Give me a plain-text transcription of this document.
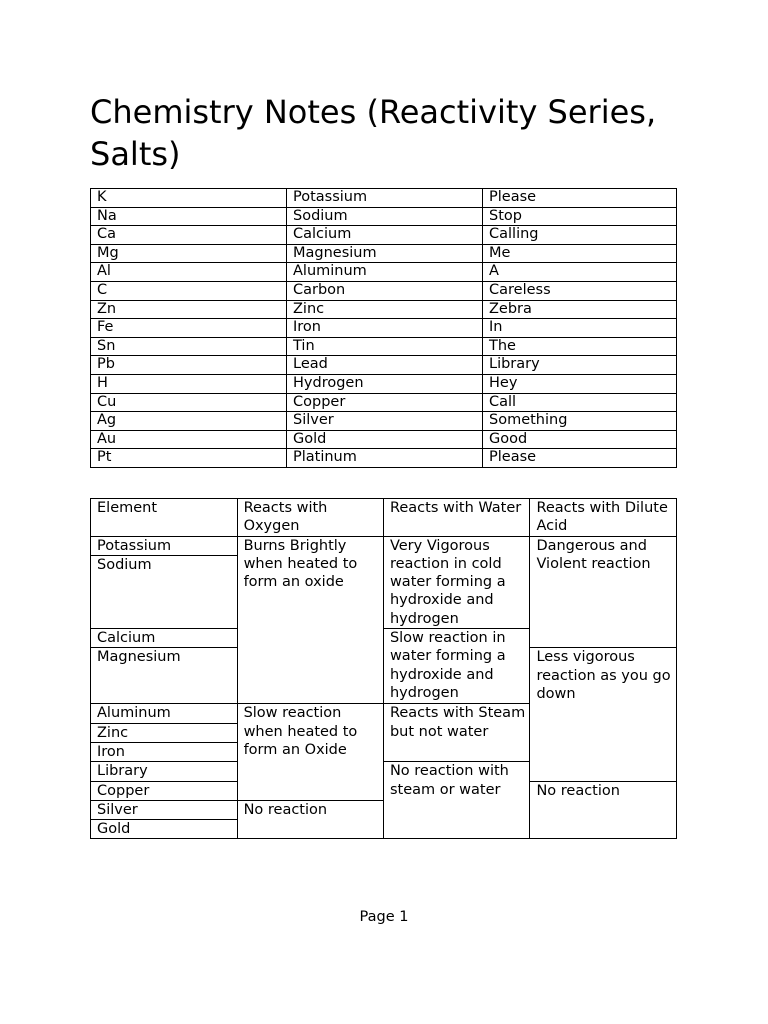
Chemistry Notes (Reactivity Series, Salts)
K	Potassium	Please
Na	Sodium	Stop
Ca	Calcium	Calling
Mg	Magnesium	Me
Al	Aluminum	A
C	Carbon	Careless
Zn	Zinc	Zebra
Fe	Iron	In
Sn	Tin	The
Pb	Lead	Library
H	Hydrogen	Hey
Cu	Copper	Call
Ag	Silver	Something
Au	Gold	Good
Pt	Platinum	Please
Element	Reacts with Oxygen	Reacts with Water	Reacts with Dilute Acid
Potassium	Burns Brightly when heated to form an oxide	Very Vigorous reaction in cold water forming a hydroxide and hydrogen	Dangerous and Violent reaction
Sodium			
Calcium		Slow reaction in water forming a hydroxide and hydrogen	
Magnesium			Less vigorous reaction as you go down
Aluminum	Slow reaction when heated to form an Oxide	Reacts with Steam but not water	
Zinc			
Iron			
Library		No reaction with steam or water	
Copper			No reaction
Silver	No reaction		
Gold			
Page 1
